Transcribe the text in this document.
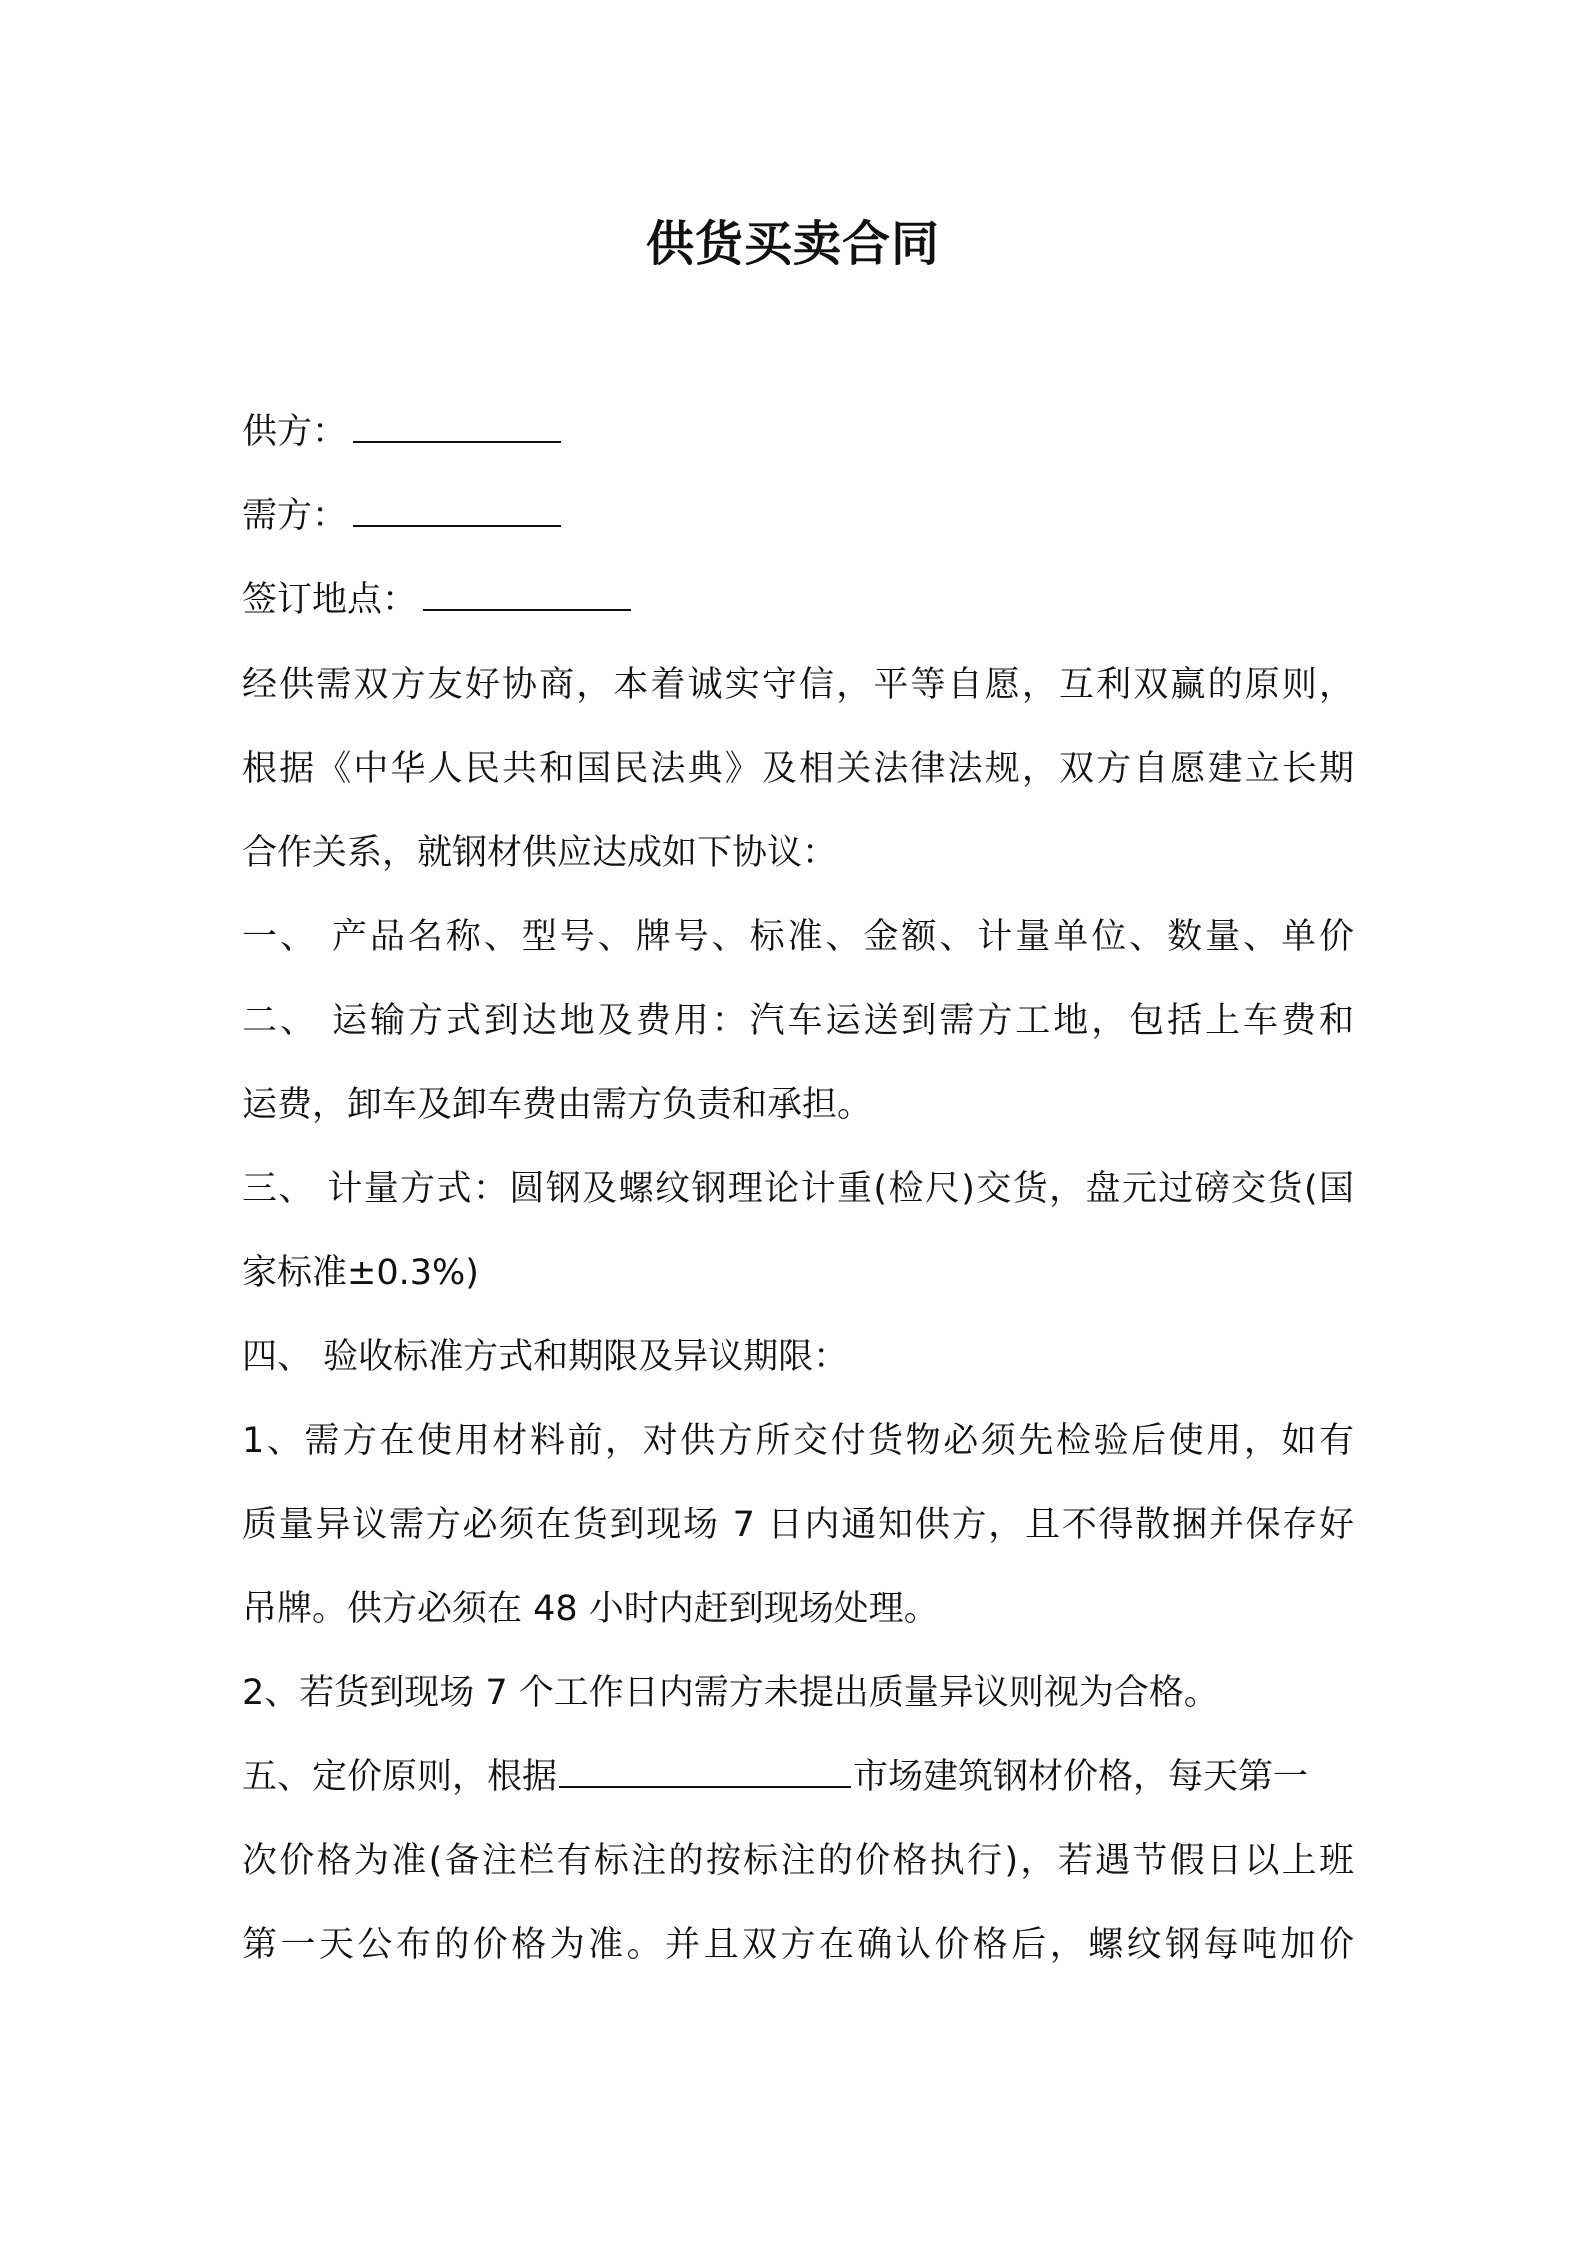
供货买卖合同
供方：
需方：
签订地点：
经供需双方友好协商，本着诚实守信，平等自愿，互利双赢的原则，
根据《中华人民共和国民法典》及相关法律法规，双方自愿建立长期
合作关系，就钢材供应达成如下协议：
一、 产品名称、型号、牌号、标准、金额、计量单位、数量、单价
二、 运输方式到达地及费用：汽车运送到需方工地，包括上车费和
运费，卸车及卸车费由需方负责和承担。
三、 计量方式：圆钢及螺纹钢理论计重(检尺)交货，盘元过磅交货(国
家标准±0.3%)
四、 验收标准方式和期限及异议期限：
1、需方在使用材料前，对供方所交付货物必须先检验后使用，如有
质量异议需方必须在货到现场 7 日内通知供方，且不得散捆并保存好
吊牌。供方必须在 48 小时内赶到现场处理。
2、若货到现场 7 个工作日内需方未提出质量异议则视为合格。
五、定价原则，根据	市场建筑钢材价格，每天第一
次价格为准(备注栏有标注的按标注的价格执行)，若遇节假日以上班
第一天公布的价格为准。并且双方在确认价格后，螺纹钢每吨加价
